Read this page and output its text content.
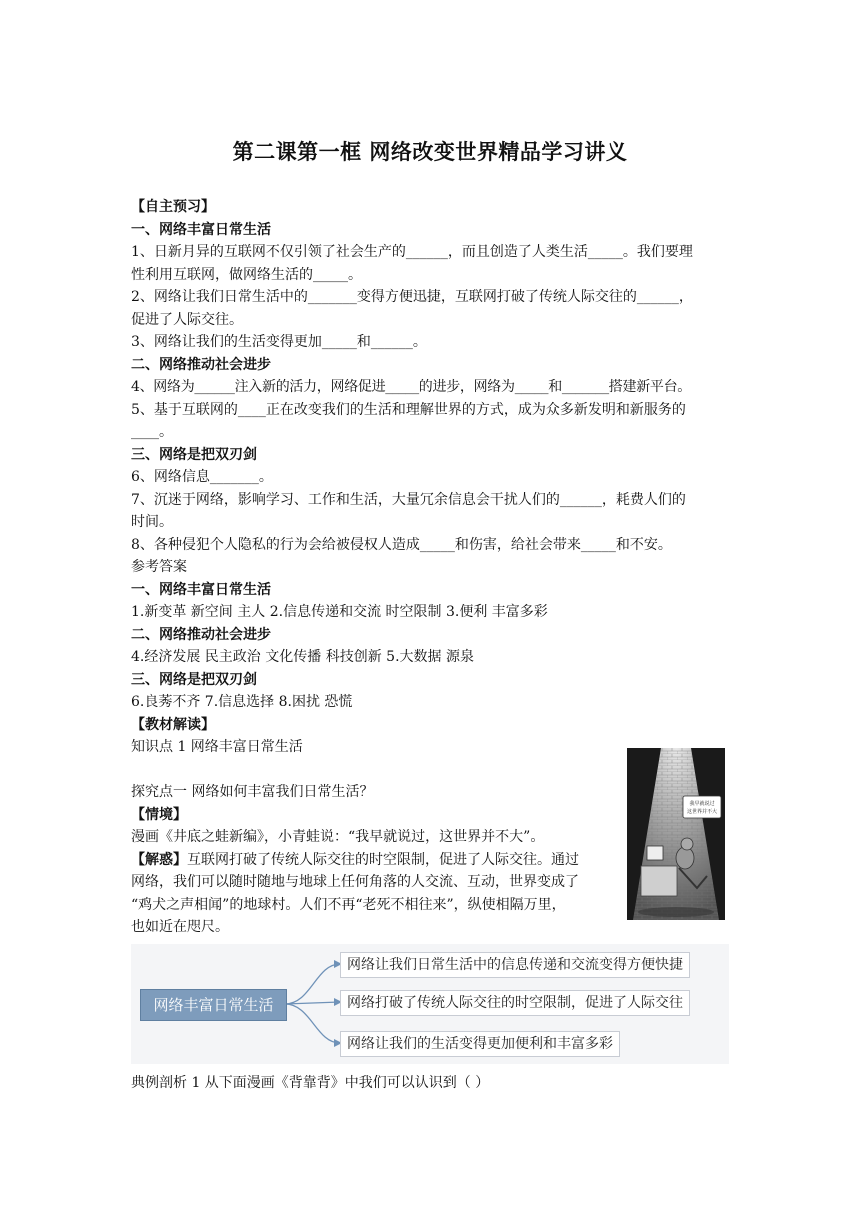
第二课第一框 网络改变世界精品学习讲义
【自主预习】
一、网络丰富日常生活
1、日新月异的互联网不仅引领了社会生产的______，而且创造了人类生活_____。我们要理
性利用互联网，做网络生活的_____。
2、网络让我们日常生活中的_______变得方便迅捷，互联网打破了传统人际交往的______，
促进了人际交往。
3、网络让我们的生活变得更加_____和______。
二、网络推动社会进步
4、网络为______注入新的活力，网络促进_____的进步，网络为_____和_______搭建新平台。
5、基于互联网的____正在改变我们的生活和理解世界的方式，成为众多新发明和新服务的
____。
三、网络是把双刃剑
6、网络信息_______。
7、沉迷于网络，影响学习、工作和生活，大量冗余信息会干扰人们的______，耗费人们的
时间。
8、各种侵犯个人隐私的行为会给被侵权人造成_____和伤害，给社会带来_____和不安。
参考答案
一、网络丰富日常生活
1.新变革 新空间 主人 2.信息传递和交流 时空限制 3.便利 丰富多彩
二、网络推动社会进步
4.经济发展 民主政治 文化传播 科技创新 5.大数据 源泉
三、网络是把双刃剑
6.良莠不齐 7.信息选择 8.困扰 恐慌
【教材解读】
知识点 1 网络丰富日常生活
探究点一 网络如何丰富我们日常生活？
【情境】
漫画《井底之蛙新编》，小青蛙说：“我早就说过，这世界并不大”。
【解惑】互联网打破了传统人际交往的时空限制，促进了人际交往。通过
网络，我们可以随时随地与地球上任何角落的人交流、互动，世界变成了
“鸡犬之声相闻”的地球村。人们不再“老死不相往来”，纵使相隔万里，
也如近在咫尺。
我早就说过
这世界并不大
网络丰富日常生活
网络让我们日常生活中的信息传递和交流变得方便快捷
网络打破了传统人际交往的时空限制，促进了人际交往
网络让我们的生活变得更加便利和丰富多彩
典例剖析 1 从下面漫画《背靠背》中我们可以认识到（ ）
